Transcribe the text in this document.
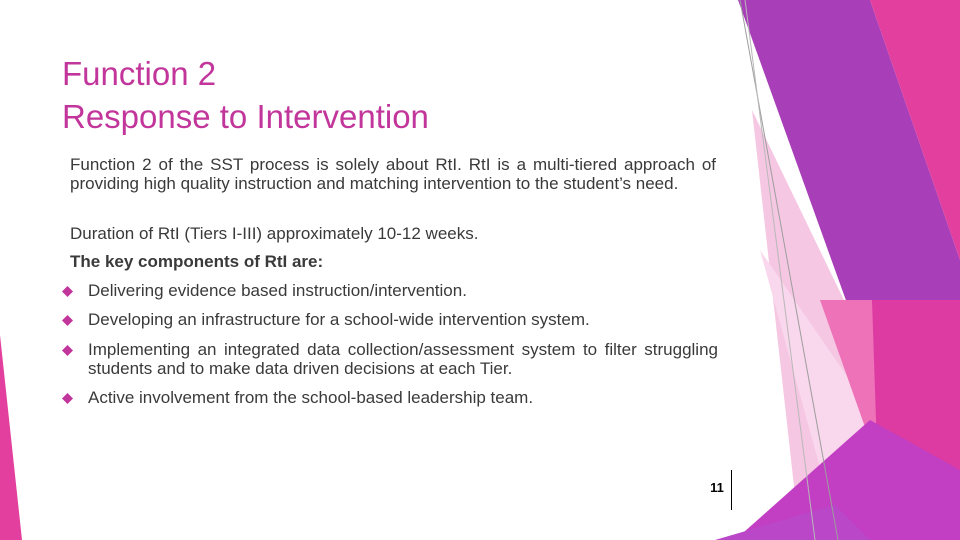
Function 2
Response to Intervention
Function 2 of the SST process is solely about RtI. RtI is a multi-tiered approach of providing high quality instruction and matching intervention to the student’s need.
Duration of RtI (Tiers I-III) approximately 10-12 weeks.
The key components of RtI are:
Delivering evidence based instruction/intervention.
Developing an infrastructure for a school-wide intervention system.
Implementing an integrated data collection/assessment system to filter struggling students and to make data driven decisions at each Tier.
Active involvement from the school-based leadership team.
11
